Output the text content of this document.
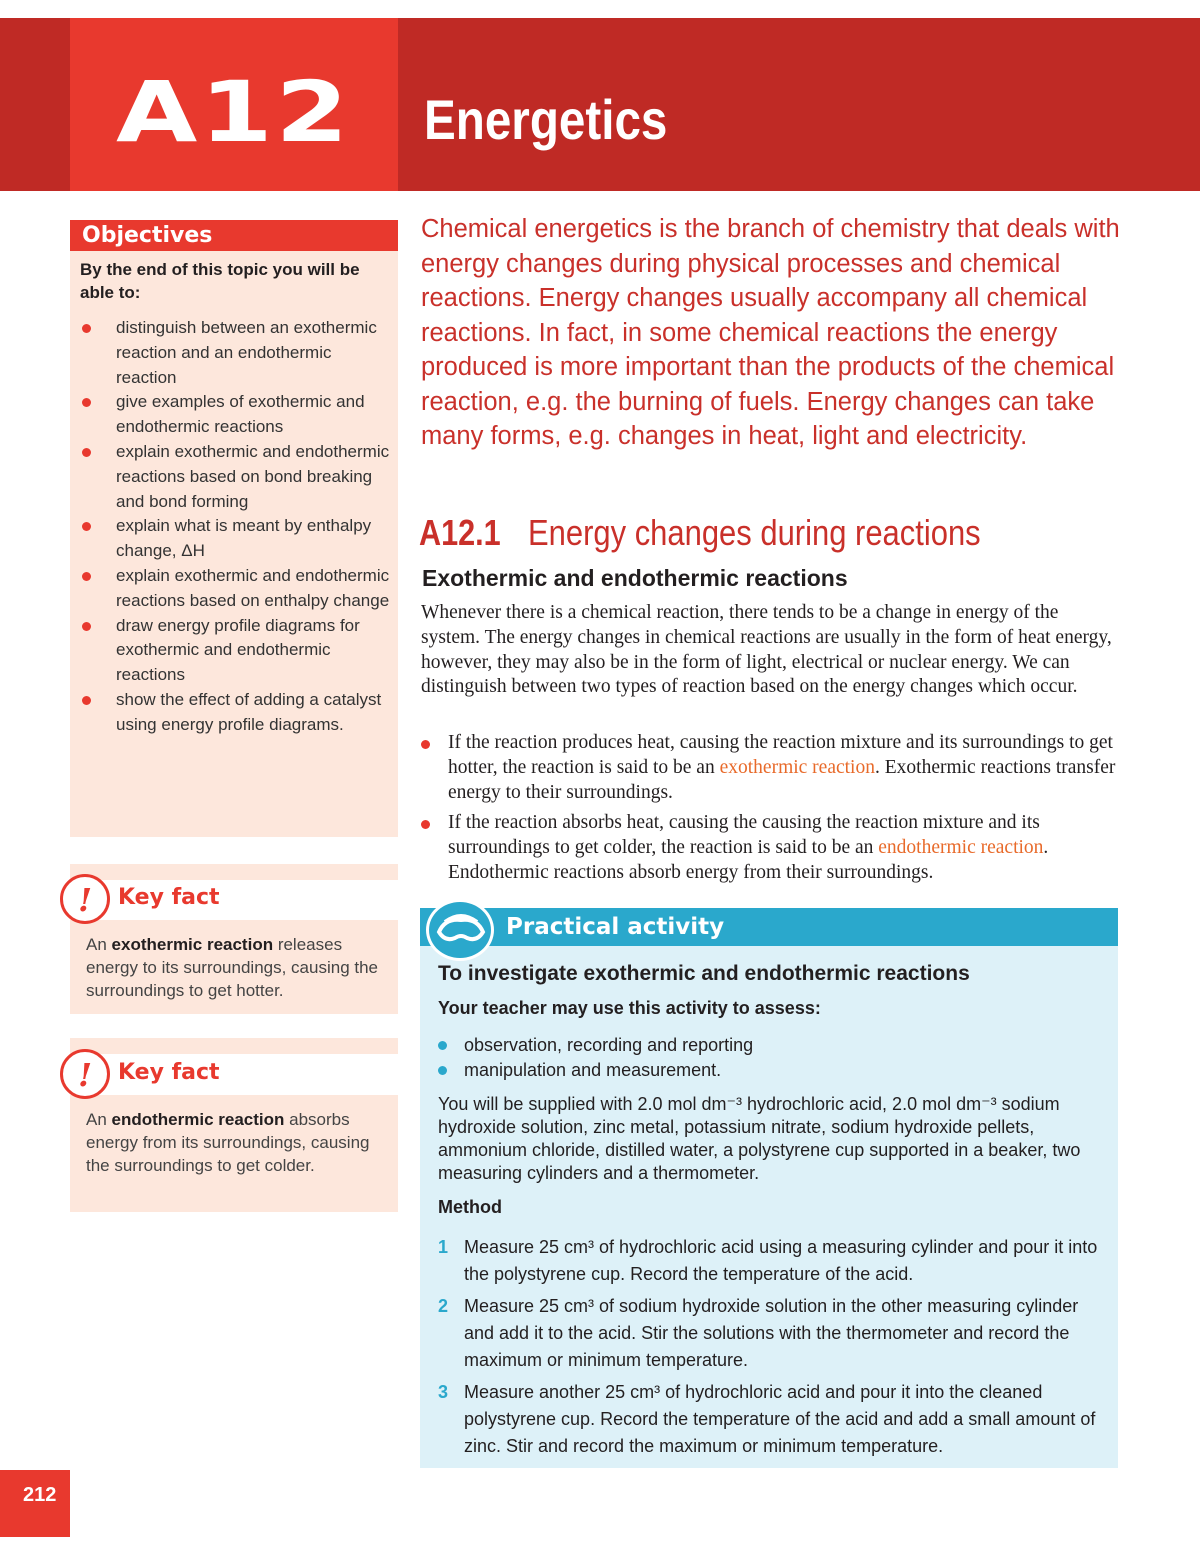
A12 Energetics
Objectives
By the end of this topic you will be able to:
distinguish between an exothermic reaction and an endothermic reaction
give examples of exothermic and endothermic reactions
explain exothermic and endothermic reactions based on bond breaking and bond forming
explain what is meant by enthalpy change, ΔH
explain exothermic and endothermic reactions based on enthalpy change
draw energy profile diagrams for exothermic and endothermic reactions
show the effect of adding a catalyst using energy profile diagrams.
!	Key fact
An exothermic reaction releases energy to its surroundings, causing the surroundings to get hotter.
!	Key fact
An endothermic reaction absorbs energy from its surroundings, causing the surroundings to get colder.

Chemical energetics is the branch of chemistry that deals with energy changes during physical processes and chemical reactions. Energy changes usually accompany all chemical reactions. In fact, in some chemical reactions the energy produced is more important than the products of the chemical reaction, e.g. the burning of fuels. Energy changes can take many forms, e.g. changes in heat, light and electricity.

A12.1 Energy changes during reactions
Exothermic and endothermic reactions

Whenever there is a chemical reaction, there tends to be a change in energy of the system. The energy changes in chemical reactions are usually in the form of heat energy, however, they may also be in the form of light, electrical or nuclear energy. We can distinguish between two types of reaction based on the energy changes which occur.

If the reaction produces heat, causing the reaction mixture and its surroundings to get hotter, the reaction is said to be an exothermic reaction. Exothermic reactions transfer energy to their surroundings.
If the reaction absorbs heat, causing the causing the reaction mixture and its surroundings to get colder, the reaction is said to be an endothermic reaction. Endothermic reactions absorb energy from their surroundings.
Practical activity
To investigate exothermic and endothermic reactions
Your teacher may use this activity to assess:
observation, recording and reporting
manipulation and measurement.

You will be supplied with 2.0 mol dm⁻³ hydrochloric acid, 2.0 mol dm⁻³ sodium hydroxide solution, zinc metal, potassium nitrate, sodium hydroxide pellets, ammonium chloride, distilled water, a polystyrene cup supported in a beaker, two measuring cylinders and a thermometer.

Method
1 Measure 25 cm³ of hydrochloric acid using a measuring cylinder and pour it into the polystyrene cup. Record the temperature of the acid.
2 Measure 25 cm³ of sodium hydroxide solution in the other measuring cylinder and add it to the acid. Stir the solutions with the thermometer and record the maximum or minimum temperature.
3 Measure another 25 cm³ of hydrochloric acid and pour it into the cleaned polystyrene cup. Record the temperature of the acid and add a small amount of zinc. Stir and record the maximum or minimum temperature.
212
